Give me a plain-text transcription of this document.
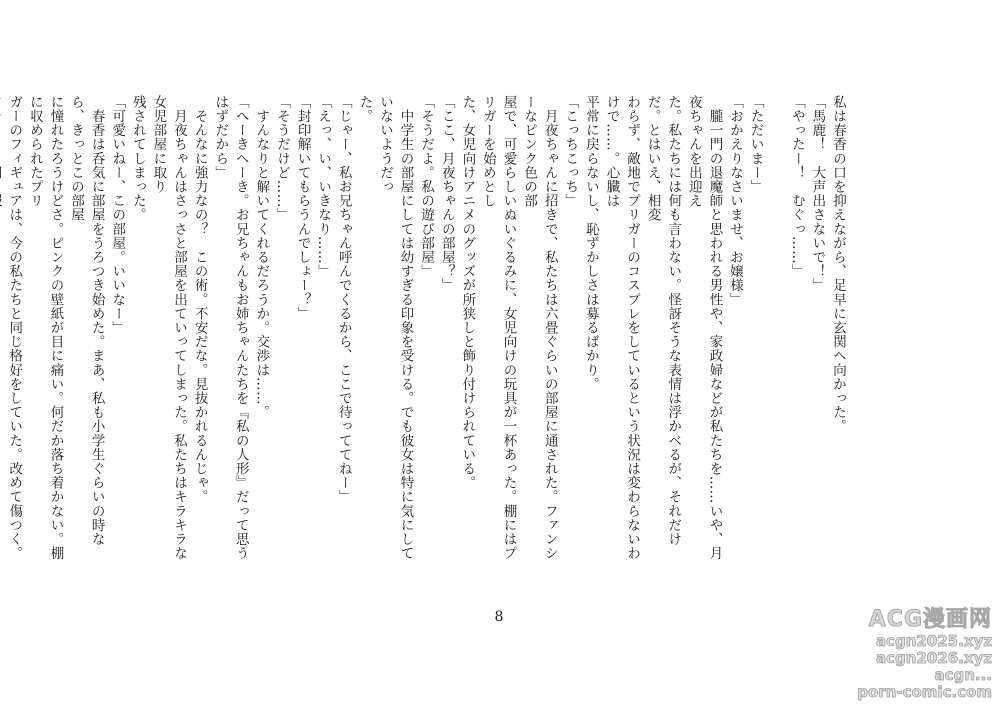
私は春香の口を抑えながら、足早に玄関へ向かった。
「馬鹿！　大声出さないで！」
「やったー！　むぐっ……」

「ただいまー」
「おかえりなさいませ、お嬢様」
　朧一門の退魔師と思われる男性や、家政婦などが私たちを……いや、月夜ちゃんを出迎え
た。私たちには何も言わない。怪訝そうな表情は浮かべるが、それだけだ。とはいえ、相変
わらず、敵地でプリガーのコスプレをしているという状況は変わらないわけで……。心臓は
平常に戻らないし、恥ずかしさは募るばかり。
「こっちこっち」
　月夜ちゃんに招きで、私たちは六畳ぐらいの部屋に通された。ファンシーなピンク色の部
屋で、可愛らしいぬいぐるみに、女児向けの玩具が一杯あった。棚にはプリガーを始めとし
た、女児向けアニメのグッズが所狭しと飾り付けられている。
「ここ、月夜ちゃんの部屋？」
「そうだよ。私の遊び部屋」
　中学生の部屋にしては幼すぎる印象を受ける。でも彼女は特に気にしていないようだっ
た。
「じゃー、私お兄ちゃん呼んでくるから、ここで待っててねー」
「えっ、い、いきなり……」
「封印解いてもらうんでしょー？」
「そうだけど……」
　すんなりと解いてくれるだろうか。交渉は……。
「へーきへーき。お兄ちゃんもお姉ちゃんたちを『私の人形』だって思うはずだから」
　そんなに強力なの？　この術。不安だな。見抜かれるんじゃ。
　月夜ちゃんはさっさと部屋を出ていってしまった。私たちはキラキラな女児部屋に取り
残されてしまった。
「可愛いねー、この部屋。いいなー」
　春香は呑気に部屋をうろつき始めた。まあ、私も小学生ぐらいの時なら、きっとこの部屋
に憧れたろうけどさ。ピンクの壁紙が目に痛い。何だか落ち着かない。棚に収められたプリ
ガーのフィギュアは、今の私たちと同じ格好をしていた。改めて傷つく。
8	ACG漫画网
acgn2025.xyz
acgn2026.xyz
acgn...
porn-comic.com
